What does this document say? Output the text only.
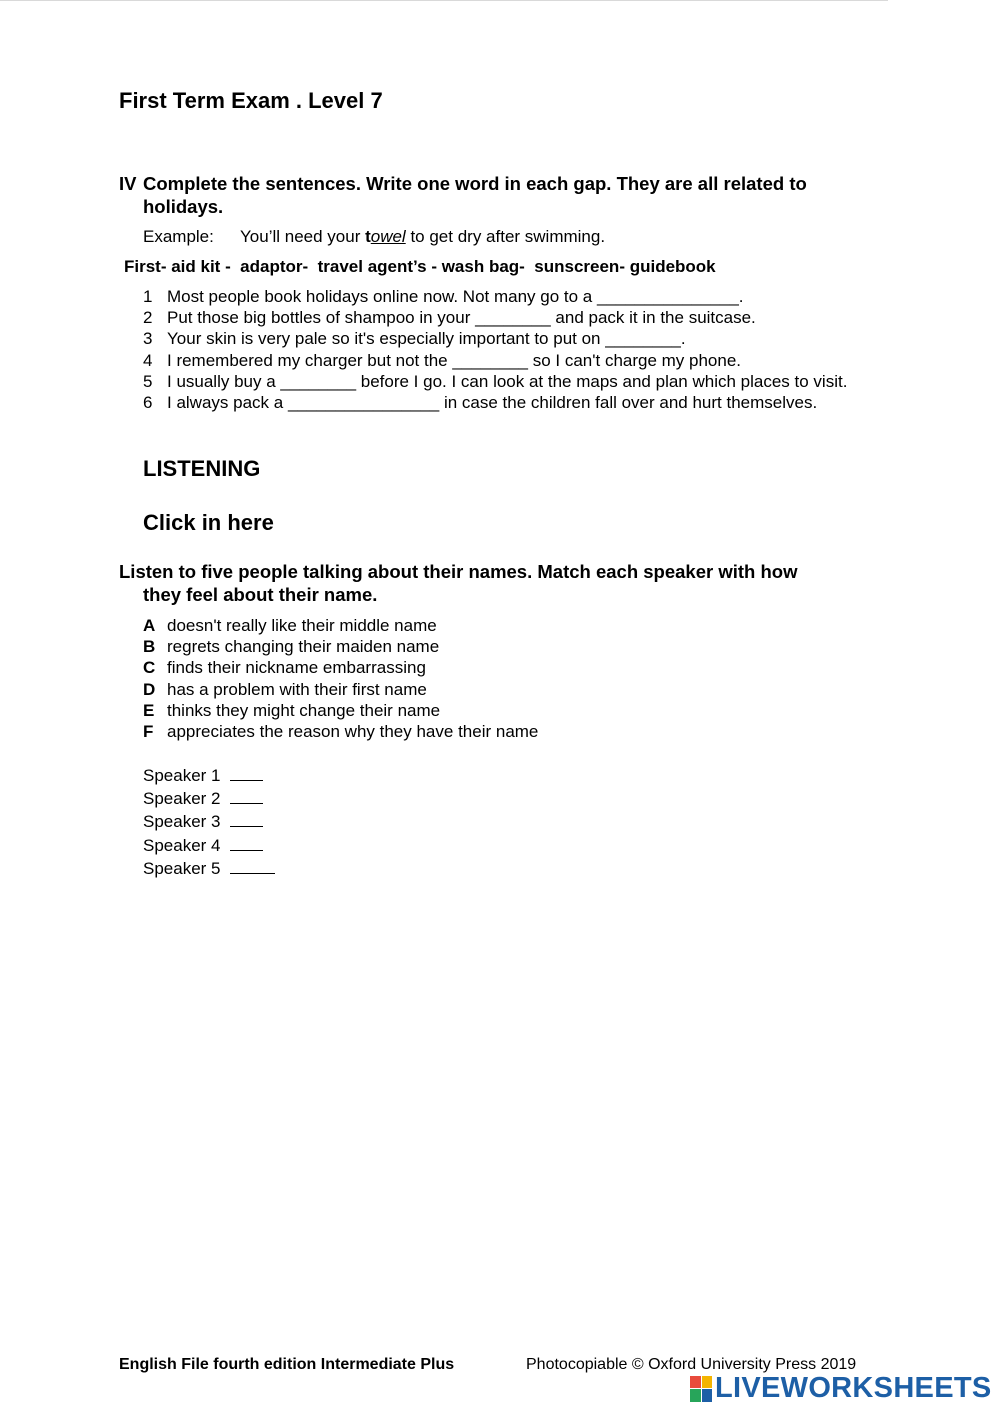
First Term Exam . Level 7
IV Complete the sentences. Write one word in each gap. They are all related to
holidays.
Example: You’ll need your towel to get dry after swimming.
First- aid kit -  adaptor-  travel agent’s - wash bag-  sunscreen- guidebook
1 Most people book holidays online now. Not many go to a _______________.
2 Put those big bottles of shampoo in your ________ and pack it in the suitcase.
3 Your skin is very pale so it's especially important to put on ________.
4 I remembered my charger but not the ________ so I can't charge my phone.
5 I usually buy a ________ before I go. I can look at the maps and plan which places to visit.
6 I always pack a ________________ in case the children fall over and hurt themselves.
LISTENING
Click in here
Listen to five people talking about their names. Match each speaker with how
they feel about their name.
A doesn't really like their middle name
B regrets changing their maiden name
C finds their nickname embarrassing
D has a problem with their first name
E thinks they might change their name
F appreciates the reason why they have their name
Speaker 1
Speaker 2
Speaker 3
Speaker 4
Speaker 5
English File fourth edition Intermediate Plus	Photocopiable © Oxford University Press 2019
LIVEWORKSHEETS
